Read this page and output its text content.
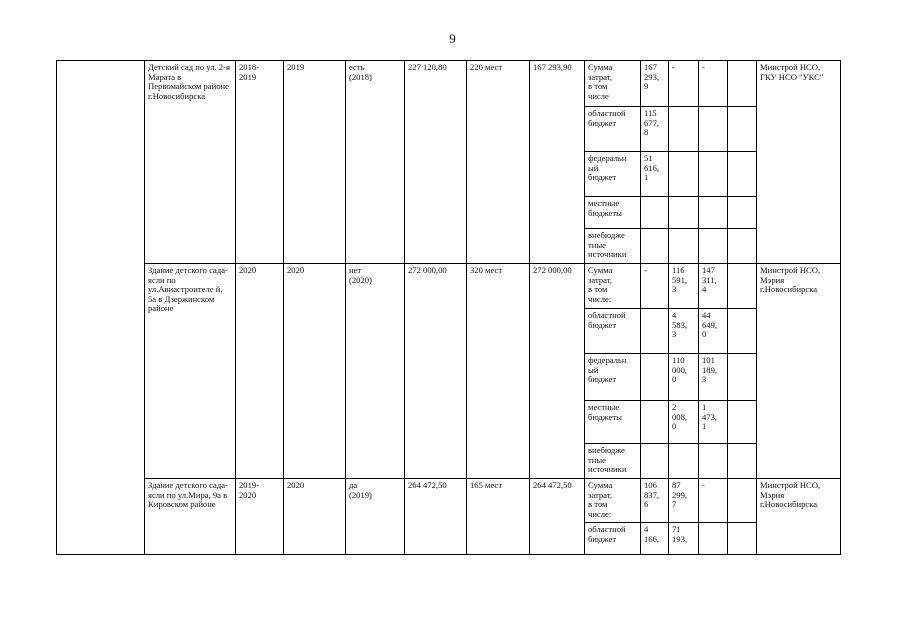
9
	Детский сад по ул. 2-я Марата в Первомайском районе г.Новосибирска	2018-
2019	2019	есть
(2018)	227 120,80	220 мест	167 293,90	Сумма
затрат,
в том
числе	167
293,
9	-	-		Минстрой НСО, ГКУ НСО "УКС"
								областной
бюджет	115
677,
8				
								федеральн
ый
бюджет	51
616,
1				
								местные
бюджеты					
								внебюдже
тные
источники					
	Здание детского сада-ясли по ул.Авиастроителе й, 5а в Дзержинском районе	2020	2020	нет
(2020)	272 000,00	320 мест	272 000,00	Сумма
затрат,
в том
числе:	-	116
591,
3	147
311,
4		Минстрой НСО, Мэрия г.Новосибирска
								областной
бюджет		4
583,
3	44
649,
0		
								федеральн
ый
бюджет		110
000,
0	101
189,
3		
								местные
бюджеты		2
008,
0	1
473,
1		
								внебюдже
тные
источники					
	Здание детского сада-ясли по ул.Мира, 9а в Кировском районе	2019-
2020	2020	да
(2019)	264 472,50	165 мест	264 472,50	Сумма
затрат,
в том
числе:	106
837,
6	87
299,
7	-		Минстрой НСО, Мэрия г.Новосибирска
								областной
бюджет	4
166,	71
193,			
